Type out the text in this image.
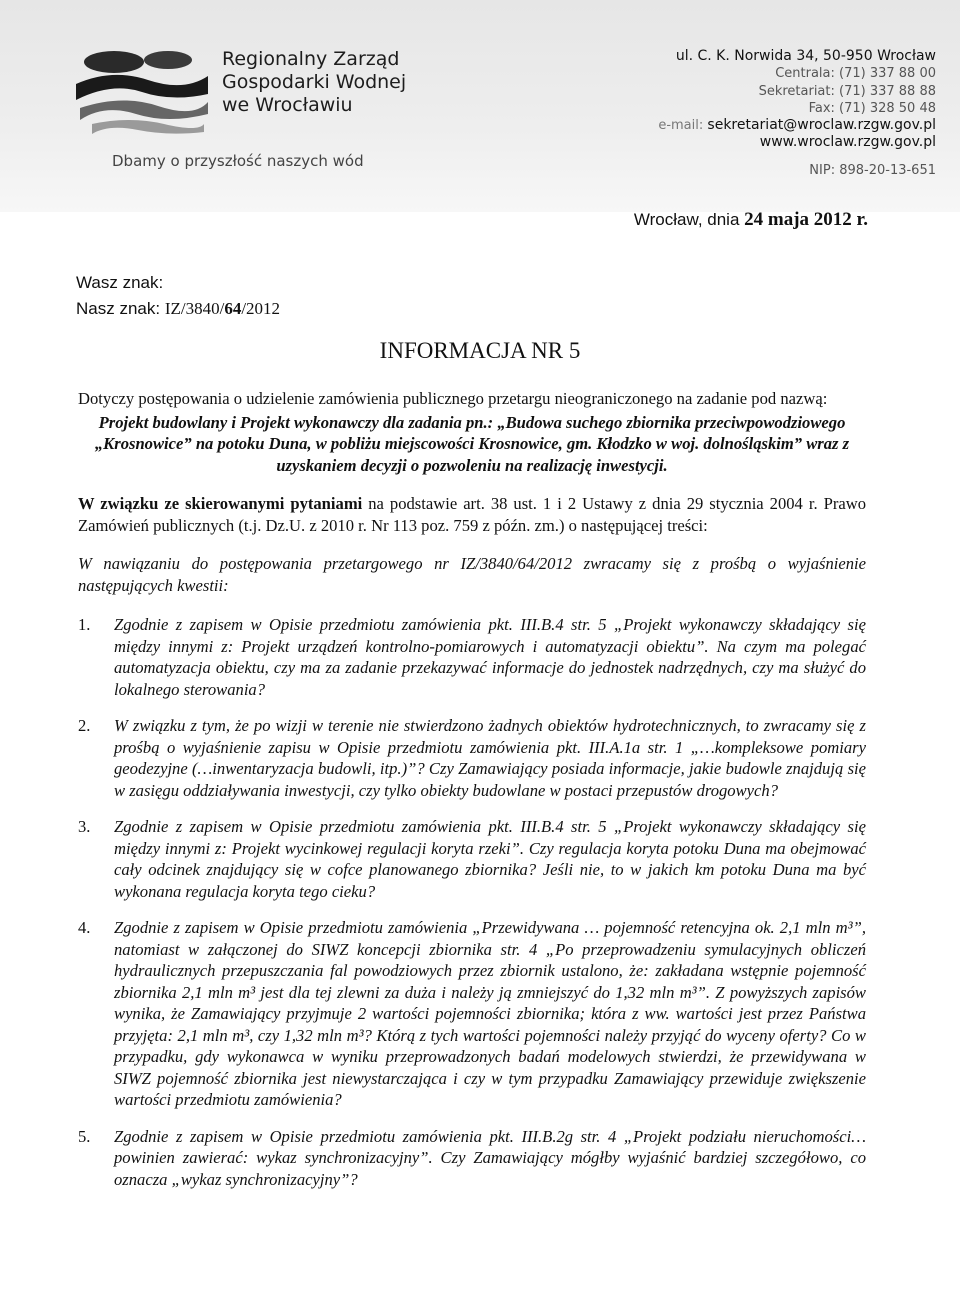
Regionalny Zarząd
Gospodarki Wodnej
we Wrocławiu
Dbamy o przyszłość naszych wód
ul. C. K. Norwida 34, 50-950 Wrocław
Centrala: (71) 337 88 00
Sekretariat: (71) 337 88 88
Fax: (71) 328 50 48
e-mail: sekretariat@wroclaw.rzgw.gov.pl
www.wroclaw.rzgw.gov.pl
NIP: 898-20-13-651
Wrocław, dnia 24 maja 2012 r.
Wasz znak:
Nasz znak: IZ/3840/64/2012
INFORMACJA NR 5

Dotyczy postępowania o udzielenie zamówienia publicznego przetargu nieograniczonego na zadanie pod nazwą:

Projekt budowlany i Projekt wykonawczy dla zadania pn.: „Budowa suchego zbiornika przeciwpowodziowego „Krosnowice” na potoku Duna, w pobliżu miejscowości Krosnowice, gm. Kłodzko w woj. dolnośląskim” wraz z uzyskaniem decyzji o pozwoleniu na realizację inwestycji.

W związku ze skierowanymi pytaniami na podstawie art. 38 ust. 1 i 2 Ustawy z dnia 29 stycznia 2004 r. Prawo Zamówień publicznych (t.j. Dz.U. z 2010 r. Nr 113 poz. 759 z późn. zm.) o następującej treści:

W nawiązaniu do postępowania przetargowego nr IZ/3840/64/2012 zwracamy się z prośbą o wyjaśnienie następujących kwestii:

1. Zgodnie z zapisem w Opisie przedmiotu zamówienia pkt. III.B.4 str. 5 „Projekt wykonawczy składający się między innymi z: Projekt urządzeń kontrolno-pomiarowych i automatyzacji obiektu”. Na czym ma polegać automatyzacja obiektu, czy ma za zadanie przekazywać informacje do jednostek nadrzędnych, czy ma służyć do lokalnego sterowania?
2. W związku z tym, że po wizji w terenie nie stwierdzono żadnych obiektów hydrotechnicznych, to zwracamy się z prośbą o wyjaśnienie zapisu w Opisie przedmiotu zamówienia pkt. III.A.1a str. 1 „…kompleksowe pomiary geodezyjne (…inwentaryzacja budowli, itp.)”? Czy Zamawiający posiada informacje, jakie budowle znajdują się w zasięgu oddziaływania inwestycji, czy tylko obiekty budowlane w postaci przepustów drogowych?
3. Zgodnie z zapisem w Opisie przedmiotu zamówienia pkt. III.B.4 str. 5 „Projekt wykonawczy składający się między innymi z: Projekt wycinkowej regulacji koryta rzeki”. Czy regulacja koryta potoku Duna ma obejmować cały odcinek znajdujący się w cofce planowanego zbiornika? Jeśli nie, to w jakich km potoku Duna ma być wykonana regulacja koryta tego cieku?
4. Zgodnie z zapisem w Opisie przedmiotu zamówienia „Przewidywana … pojemność retencyjna ok. 2,1 mln m³”, natomiast w załączonej do SIWZ koncepcji zbiornika str. 4 „Po przeprowadzeniu symulacyjnych obliczeń hydraulicznych przepuszczania fal powodziowych przez zbiornik ustalono, że: zakładana wstępnie pojemność zbiornika 2,1 mln m³ jest dla tej zlewni za duża i należy ją zmniejszyć do 1,32 mln m³”. Z powyższych zapisów wynika, że Zamawiający przyjmuje 2 wartości pojemności zbiornika; która z ww. wartości jest przez Państwa przyjęta: 2,1 mln m³, czy 1,32 mln m³? Którą z tych wartości pojemności należy przyjąć do wyceny oferty? Co w przypadku, gdy wykonawca w wyniku przeprowadzonych badań modelowych stwierdzi, że przewidywana w SIWZ pojemność zbiornika jest niewystarczająca i czy w tym przypadku Zamawiający przewiduje zwiększenie wartości przedmiotu zamówienia?
5. Zgodnie z zapisem w Opisie przedmiotu zamówienia pkt. III.B.2g str. 4 „Projekt podziału nieruchomości… powinien zawierać: wykaz synchronizacyjny”. Czy Zamawiający mógłby wyjaśnić bardziej szczegółowo, co oznacza „wykaz synchronizacyjny”?
